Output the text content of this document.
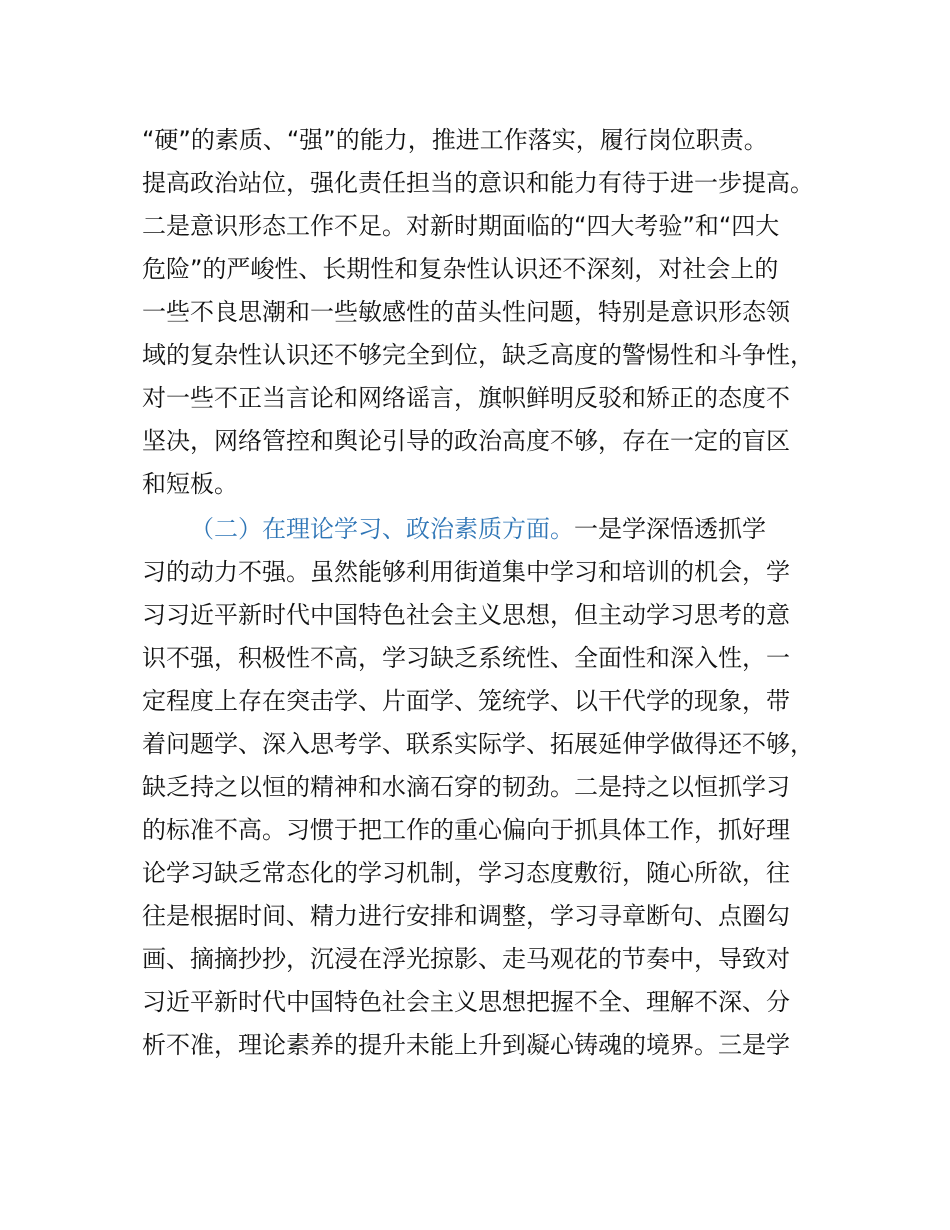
“硬”的素质、“强”的能力，推进工作落实，履行岗位职责。
提高政治站位，强化责任担当的意识和能力有待于进一步提高。
二是意识形态工作不足。对新时期面临的“四大考验”和“四大
危险”的严峻性、长期性和复杂性认识还不深刻，对社会上的
一些不良思潮和一些敏感性的苗头性问题，特别是意识形态领
域的复杂性认识还不够完全到位，缺乏高度的警惕性和斗争性，
对一些不正当言论和网络谣言，旗帜鲜明反驳和矫正的态度不
坚决，网络管控和舆论引导的政治高度不够，存在一定的盲区
和短板。
（二）在理论学习、政治素质方面。一是学深悟透抓学
习的动力不强。虽然能够利用街道集中学习和培训的机会，学
习习近平新时代中国特色社会主义思想，但主动学习思考的意
识不强，积极性不高，学习缺乏系统性、全面性和深入性，一
定程度上存在突击学、片面学、笼统学、以干代学的现象，带
着问题学、深入思考学、联系实际学、拓展延伸学做得还不够，
缺乏持之以恒的精神和水滴石穿的韧劲。二是持之以恒抓学习
的标准不高。习惯于把工作的重心偏向于抓具体工作，抓好理
论学习缺乏常态化的学习机制，学习态度敷衍，随心所欲，往
往是根据时间、精力进行安排和调整，学习寻章断句、点圈勾
画、摘摘抄抄，沉浸在浮光掠影、走马观花的节奏中，导致对
习近平新时代中国特色社会主义思想把握不全、理解不深、分
析不准，理论素养的提升未能上升到凝心铸魂的境界。三是学
